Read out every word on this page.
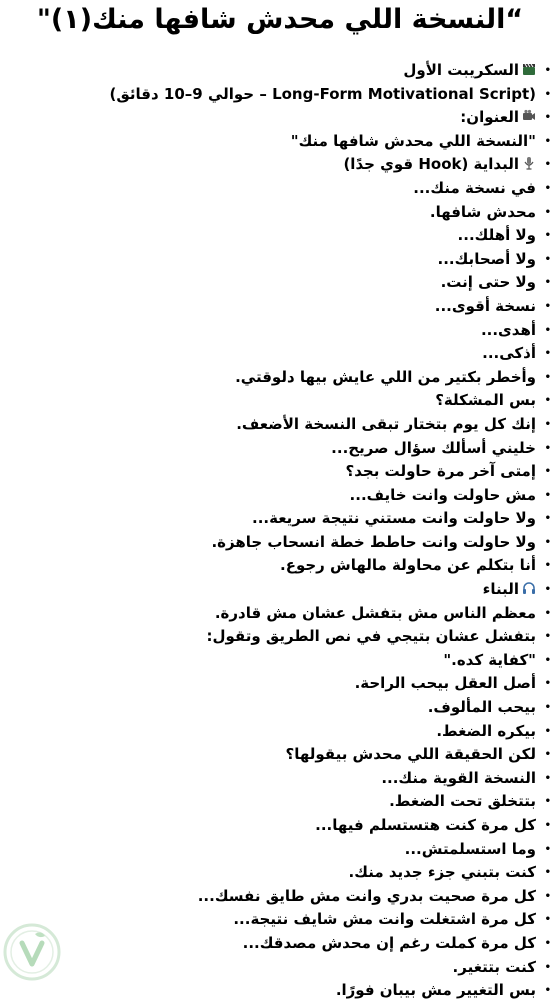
“النسخة اللي محدش شافها منك(١)"
•
السكريبت الأول
•
(Long-Form Motivational Script – حوالي 9–10 دقائق)
•
العنوان:
•
"النسخة اللي محدش شافها منك"
•
البداية (Hook قوي جدًا)
•
في نسخة منك...
•
محدش شافها.
•
ولا أهلك...
•
ولا أصحابك...
•
ولا حتى إنت.
•
نسخة أقوى...
•
أهدى...
•
أذكى...
•
وأخطر بكتير من اللي عايش بيها دلوقتي.
•
بس المشكلة؟
•
إنك كل يوم بتختار تبقى النسخة الأضعف.
•
خليني أسألك سؤال صريح...
•
إمتى آخر مرة حاولت بجد؟
•
مش حاولت وانت خايف...
•
ولا حاولت وانت مستني نتيجة سريعة...
•
ولا حاولت وانت حاطط خطة انسحاب جاهزة.
•
أنا بتكلم عن محاولة مالهاش رجوع.
•
البناء
•
معظم الناس مش بتفشل عشان مش قادرة.
•
بتفشل عشان بتيجي في نص الطريق وتقول:
•
"كفاية كده."
•
أصل العقل بيحب الراحة.
•
بيحب المألوف.
•
بيكره الضغط.
•
لكن الحقيقة اللي محدش بيقولها؟
•
النسخة القوية منك...
•
بتتخلق تحت الضغط.
•
كل مرة كنت هتستسلم فيها...
•
وما استسلمتش...
•
كنت بتبني جزء جديد منك.
•
كل مرة صحيت بدري وانت مش طايق نفسك...
•
كل مرة اشتغلت وانت مش شايف نتيجة...
•
كل مرة كملت رغم إن محدش مصدقك...
•
كنت بتتغير.
•
بس التغيير مش بيبان فورًا.
